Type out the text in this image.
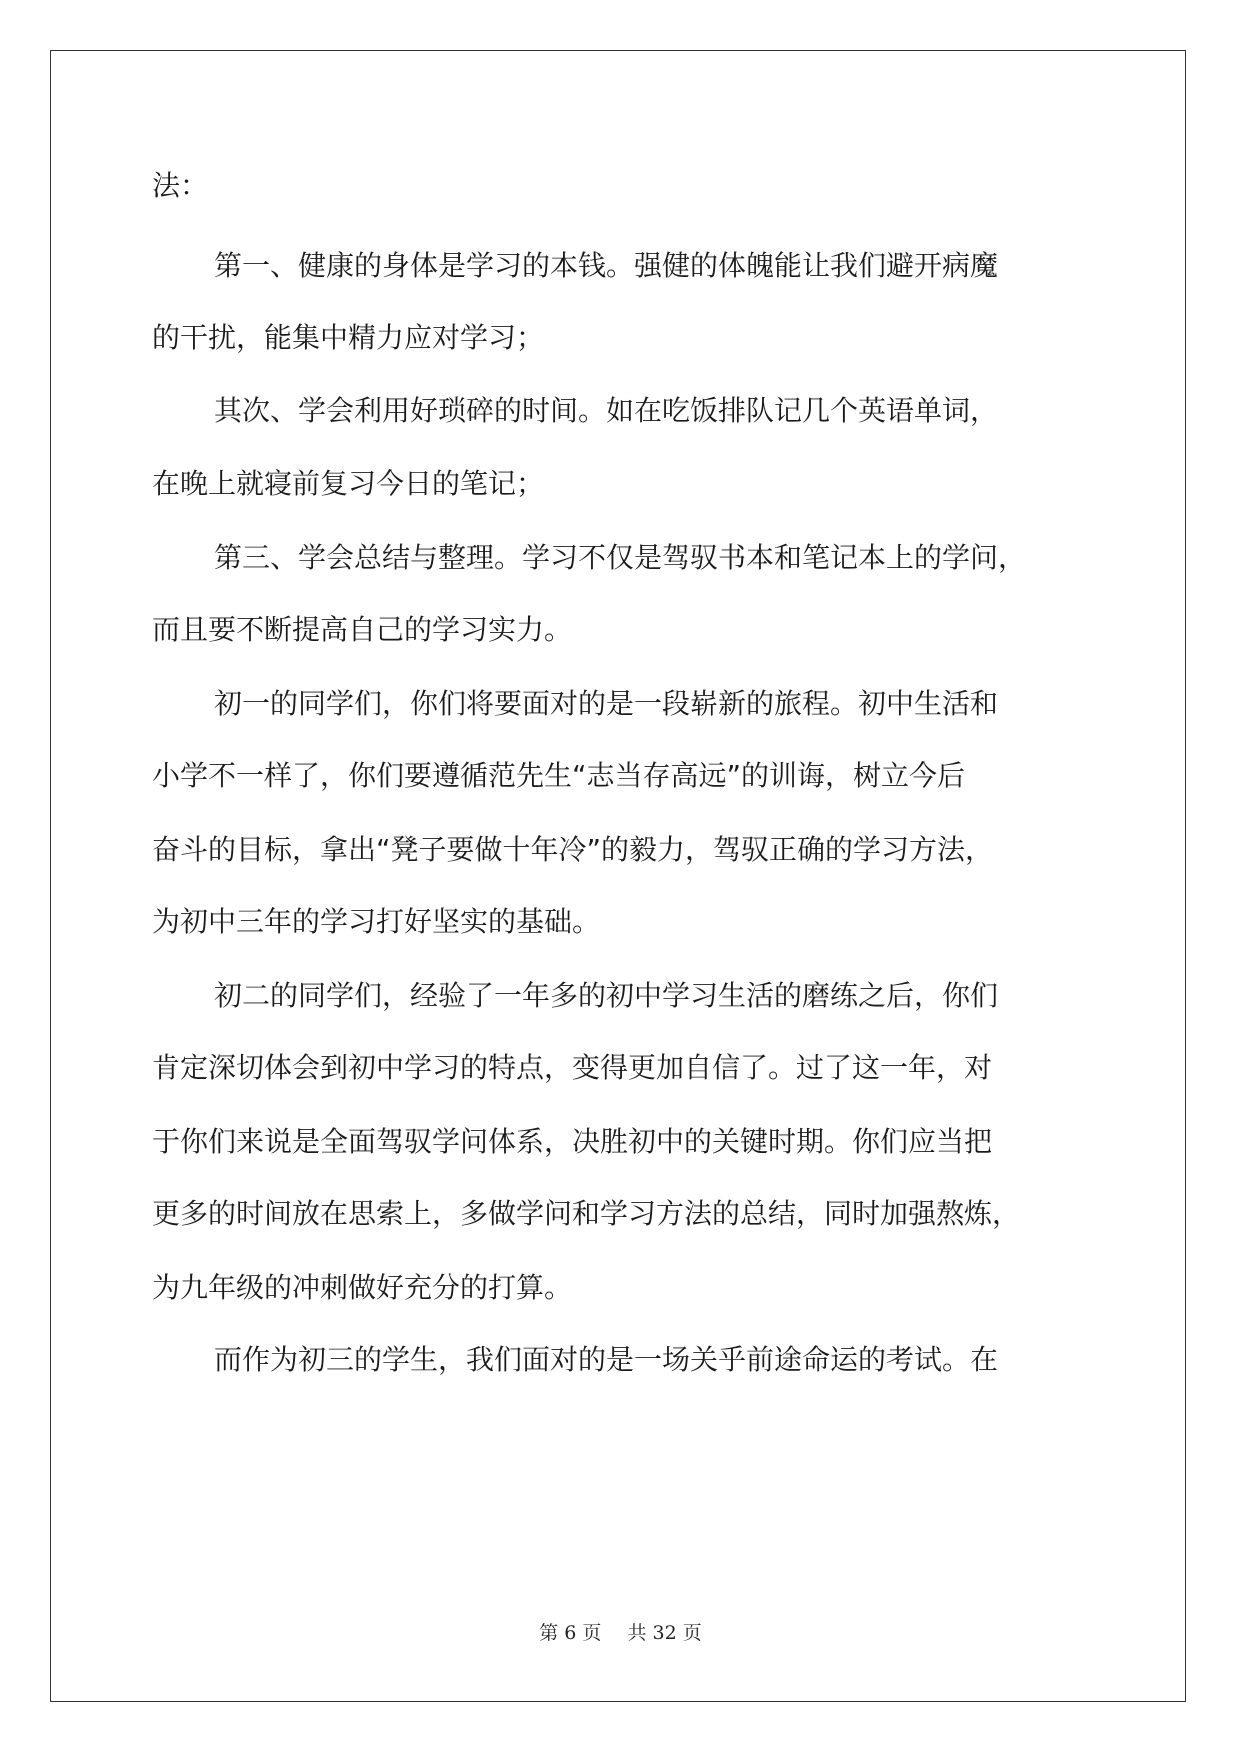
法：
第一、健康的身体是学习的本钱。强健的体魄能让我们避开病魔
的干扰，能集中精力应对学习；
其次、学会利用好琐碎的时间。如在吃饭排队记几个英语单词，
在晚上就寝前复习今日的笔记；
第三、学会总结与整理。学习不仅是驾驭书本和笔记本上的学问，
而且要不断提高自己的学习实力。
初一的同学们，你们将要面对的是一段崭新的旅程。初中生活和
小学不一样了，你们要遵循范先生“志当存高远”的训诲，树立今后
奋斗的目标，拿出“凳子要做十年冷”的毅力，驾驭正确的学习方法，
为初中三年的学习打好坚实的基础。
初二的同学们，经验了一年多的初中学习生活的磨练之后，你们
肯定深切体会到初中学习的特点，变得更加自信了。过了这一年，对
于你们来说是全面驾驭学问体系，决胜初中的关键时期。你们应当把
更多的时间放在思索上，多做学问和学习方法的总结，同时加强熬炼，
为九年级的冲刺做好充分的打算。
而作为初三的学生，我们面对的是一场关乎前途命运的考试。在
第 6 页 共 32 页
